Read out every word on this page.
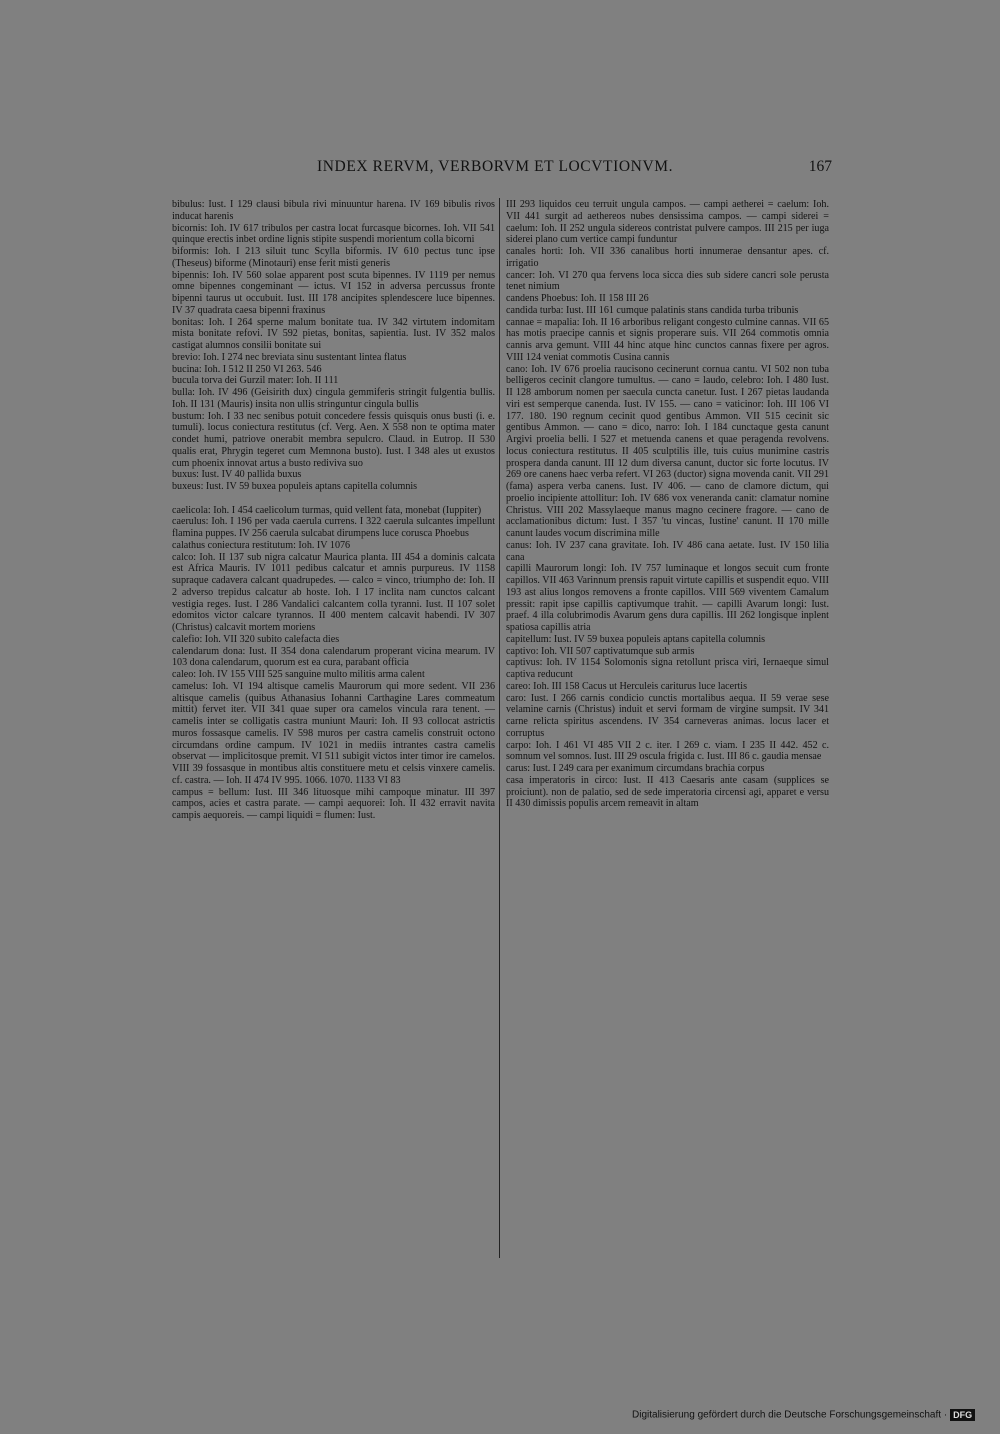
INDEX RERVM, VERBORVM ET LOCVTIONVM.	167
bibulus: Iust. I 129 clausi bibula rivi minuuntur harena. IV 169 bibulis rivos inducat harenis
bicornis: Ioh. IV 617 tribulos per castra locat furcasque bicornes. Ioh. VII 541 quinque erectis inbet ordine lignis stipite suspendi morientum colla bicorni
biformis: Ioh. I 213 siluit tunc Scylla biformis. IV 610 pectus tunc ipse (Theseus) biforme (Minotauri) ense ferit misti generis
bipennis: Ioh. IV 560 solae apparent post scuta bipennes. IV 1119 per nemus omne bipennes congeminant — ictus. VI 152 in adversa percussus fronte bipenni taurus ut occubuit. Iust. III 178 ancipites splendescere luce bipennes. IV 37 quadrata caesa bipenni fraxinus
bonitas: Ioh. I 264 sperne malum bonitate tua. IV 342 virtutem indomitam mista bonitate refovi. IV 592 pietas, bonitas, sapientia. Iust. IV 352 malos castigat alumnos consilii bonitate sui
brevio: Ioh. I 274 nec breviata sinu sustentant lintea flatus
bucina: Ioh. I 512 II 250 VI 263. 546
bucula torva dei Gurzil mater: Ioh. II 111
bulla: Ioh. IV 496 (Geisirith dux) cingula gemmiferis stringit fulgentia bullis. Ioh. II 131 (Mauris) insita non ullis stringuntur cingula bullis
bustum: Ioh. I 33 nec senibus potuit concedere fessis quisquis onus busti (i. e. tumuli). locus coniectura restitutus (cf. Verg. Aen. X 558 non te optima mater condet humi, patriove onerabit membra sepulcro. Claud. in Eutrop. II 530 qualis erat, Phrygin tegeret cum Memnona busto). Iust. I 348 ales ut exustos cum phoenix innovat artus a busto rediviva suo
buxus: Iust. IV 40 pallida buxus
buxeus: Iust. IV 59 buxea populeis aptans capitella columnis
caelicola: Ioh. I 454 caelicolum turmas, quid vellent fata, monebat (Iuppiter)
caerulus: Ioh. I 196 per vada caerula currens. I 322 caerula sulcantes impellunt flamina puppes. IV 256 caerula sulcabat dirumpens luce corusca Phoebus
calathus coniectura restitutum: Ioh. IV 1076
calco: Ioh. II 137 sub nigra calcatur Maurica planta. III 454 a dominis calcata est Africa Mauris. IV 1011 pedibus calcatur et amnis purpureus. IV 1158 supraque cadavera calcant quadrupedes. — calco = vinco, triumpho de: Ioh. II 2 adverso trepidus calcatur ab hoste. Ioh. I 17 inclita nam cunctos calcant vestigia reges. Iust. I 286 Vandalici calcantem colla tyranni. Iust. II 107 solet edomitos victor calcare tyrannos. II 400 mentem calcavit habendi. IV 307 (Christus) calcavit mortem moriens
calefio: Ioh. VII 320 subito calefacta dies
calendarum dona: Iust. II 354 dona calendarum properant vicina mearum. IV 103 dona calendarum, quorum est ea cura, parabant officia
caleo: Ioh. IV 155 VIII 525 sanguine multo militis arma calent
camelus: Ioh. VI 194 altisque camelis Maurorum qui more sedent. VII 236 altisque camelis (quibus Athanasius Iohanni Carthagine Lares commeatum mittit) fervet iter. VII 341 quae super ora camelos vincula rara tenent. — camelis inter se colligatis castra muniunt Mauri: Ioh. II 93 collocat astrictis muros fossasque camelis. IV 598 muros per castra camelis construit octono circumdans ordine campum. IV 1021 in mediis intrantes castra camelis observat — implicitosque premit. VI 511 subigit victos inter timor ire camelos. VIII 39 fossasque in montibus altis constituere metu et celsis vinxere camelis. cf. castra. — Ioh. II 474 IV 995. 1066. 1070. 1133 VI 83
campus = bellum: Iust. III 346 lituosque mihi campoque minatur. III 397 campos, acies et castra parate. — campi aequorei: Ioh. II 432 erravit navita campis aequoreis. — campi liquidi = flumen: Iust.
III 293 liquidos ceu terruit ungula campos. — campi aetherei = caelum: Ioh. VII 441 surgit ad aethereos nubes densissima campos. — campi siderei = caelum: Ioh. II 252 ungula sidereos contristat pulvere campos. III 215 per iuga siderei plano cum vertice campi funduntur
canales horti: Ioh. VII 336 canalibus horti innumerae densantur apes. cf. irrigatio
cancer: Ioh. VI 270 qua fervens loca sicca dies sub sidere cancri sole perusta tenet nimium
candens Phoebus: Ioh. II 158 III 26
candida turba: Iust. III 161 cumque palatinis stans candida turba tribunis
cannae = mapalia: Ioh. II 16 arboribus religant congesto culmine cannas. VII 65 has motis praecipe cannis et signis properare suis. VII 264 commotis omnia cannis arva gemunt. VIII 44 hinc atque hinc cunctos cannas fixere per agros. VIII 124 veniat commotis Cusina cannis
cano: Ioh. IV 676 proelia raucisono cecinerunt cornua cantu. VI 502 non tuba belligeros cecinit clangore tumultus. — cano = laudo, celebro: Ioh. I 480 Iust. II 128 amborum nomen per saecula cuncta canetur. Iust. I 267 pietas laudanda viri est semperque canenda. Iust. IV 155. — cano = vaticinor: Ioh. III 106 VI 177. 180. 190 regnum cecinit quod gentibus Ammon. VII 515 cecinit sic gentibus Ammon. — cano = dico, narro: Ioh. I 184 cunctaque gesta canunt Argivi proelia belli. I 527 et metuenda canens et quae peragenda revolvens. locus coniectura restitutus. II 405 sculptilis ille, tuis cuius munimine castris prospera danda canunt. III 12 dum diversa canunt, ductor sic forte locutus. IV 269 ore canens haec verba refert. VI 263 (ductor) signa movenda canit. VII 291 (fama) aspera verba canens. Iust. IV 406. — cano de clamore dictum, qui proelio incipiente attollitur: Ioh. IV 686 vox veneranda canit: clamatur nomine Christus. VIII 202 Massylaeque manus magno cecinere fragore. — cano de acclamationibus dictum: Iust. I 357 'tu vincas, Iustine' canunt. II 170 mille canunt laudes vocum discrimina mille
canus: Ioh. IV 237 cana gravitate. Ioh. IV 486 cana aetate. Iust. IV 150 lilia cana
capilli Maurorum longi: Ioh. IV 757 luminaque et longos secuit cum fronte capillos. VII 463 Varinnum prensis rapuit virtute capillis et suspendit equo. VIII 193 ast alius longos removens a fronte capillos. VIII 569 viventem Camalum pressit: rapit ipse capillis captivumque trahit. — capilli Avarum longi: Iust. praef. 4 illa colubrimodis Avarum gens dura capillis. III 262 longisque inplent spatiosa capillis atria
capitellum: Iust. IV 59 buxea populeis aptans capitella columnis
captivo: Ioh. VII 507 captivatumque sub armis
captivus: Ioh. IV 1154 Solomonis signa retollunt prisca viri, Iernaeque simul captiva reducunt
careo: Ioh. III 158 Cacus ut Herculeis cariturus luce lacertis
caro: Iust. I 266 carnis condicio cunctis mortalibus aequa. II 59 verae sese velamine carnis (Christus) induit et servi formam de virgine sumpsit. IV 341 carne relicta spiritus ascendens. IV 354 carneveras animas. locus lacer et corruptus
carpo: Ioh. I 461 VI 485 VII 2 c. iter. I 269 c. viam. I 235 II 442. 452 c. somnum vel somnos. Iust. III 29 oscula frigida c. Iust. III 86 c. gaudia mensae
carus: Iust. I 249 cara per exanimum circumdans brachia corpus
casa imperatoris in circo: Iust. II 413 Caesaris ante casam (supplices se proiciunt). non de palatio, sed de sede imperatoria circensi agi, apparet e versu II 430 dimissis populis arcem remeavit in altam
Digitalisierung gefördert durch die Deutsche Forschungsgemeinschaft · DFG
